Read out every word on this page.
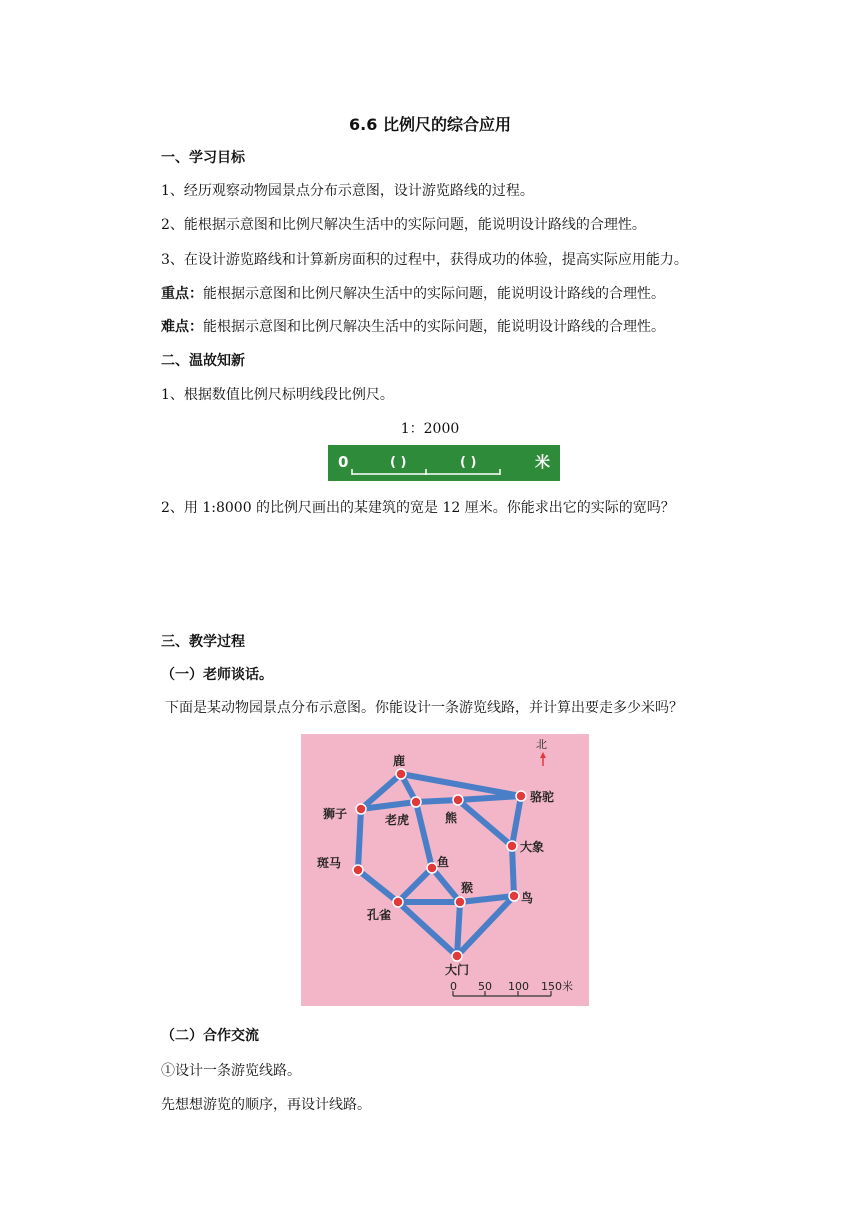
6.6 比例尺的综合应用
一、学习目标
1、经历观察动物园景点分布示意图，设计游览路线的过程。
2、能根据示意图和比例尺解决生活中的实际问题，能说明设计路线的合理性。
3、在设计游览路线和计算新房面积的过程中，获得成功的体验，提高实际应用能力。
重点：能根据示意图和比例尺解决生活中的实际问题，能说明设计路线的合理性。
难点：能根据示意图和比例尺解决生活中的实际问题，能说明设计路线的合理性。
二、温故知新
1、根据数值比例尺标明线段比例尺。
1：2000
0	( )	( )	米
2、用 1:8000 的比例尺画出的某建筑的宽是 12 厘米。你能求出它的实际的宽吗？
三、教学过程
（一）老师谈话。
下面是某动物园景点分布示意图。你能设计一条游览线路，并计算出要走多少米吗？
鹿
狮子	老虎	熊
骆驼
大象
斑马	鱼
猴
鸟
孔雀
大门
北
0 50 100 150米
（二）合作交流
①设计一条游览线路。
先想想游览的顺序，再设计线路。
